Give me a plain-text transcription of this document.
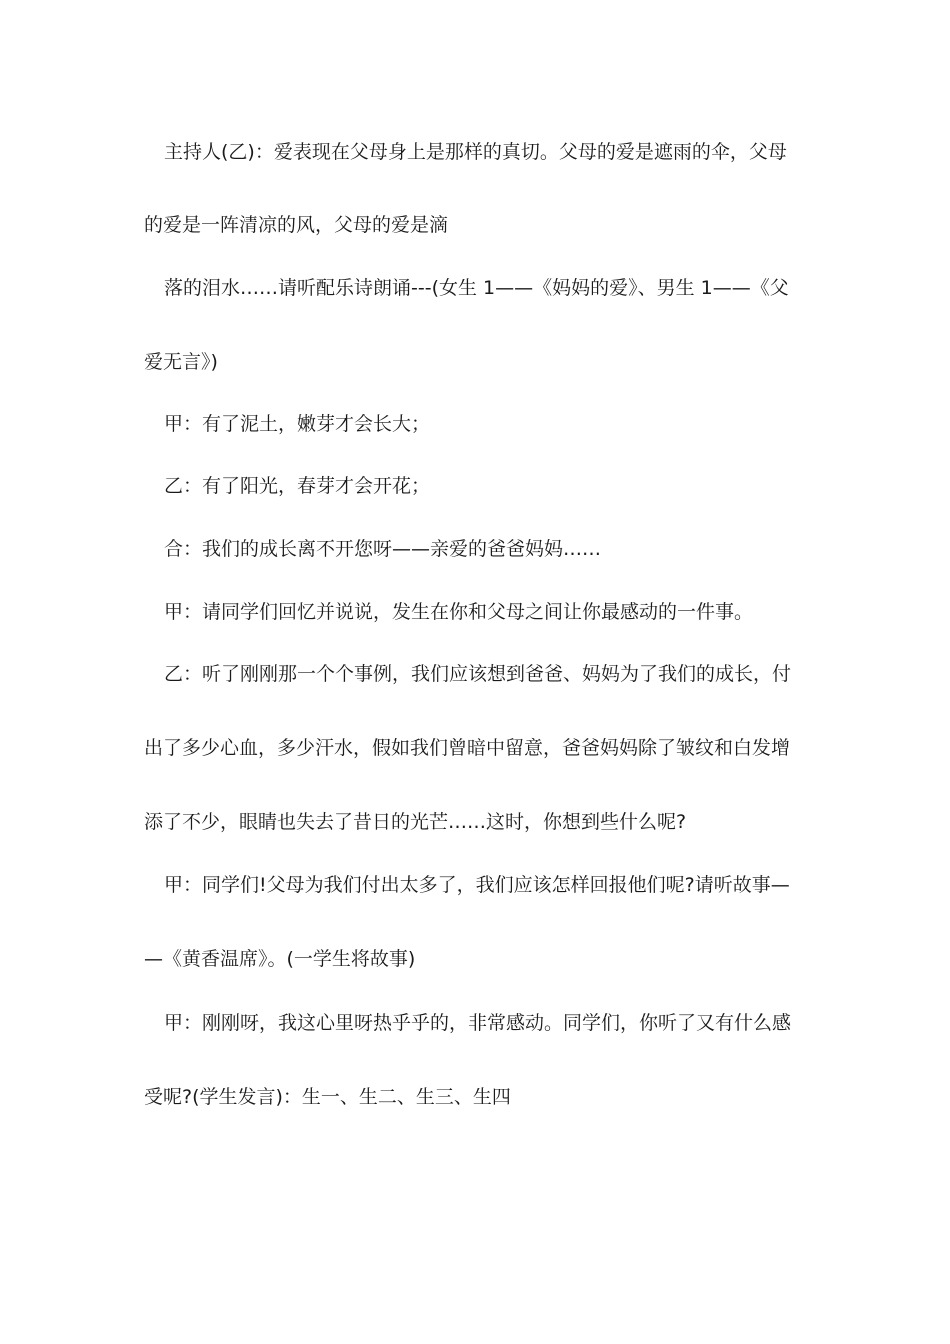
主持人(乙)：爱表现在父母身上是那样的真切。父母的爱是遮雨的伞，父母
的爱是一阵清凉的风，父母的爱是滴
落的泪水……请听配乐诗朗诵---(女生 1——《妈妈的爱》、男生 1——《父
爱无言》)
甲：有了泥土，嫩芽才会长大；
乙：有了阳光，春芽才会开花；
合：我们的成长离不开您呀——亲爱的爸爸妈妈……
甲：请同学们回忆并说说，发生在你和父母之间让你最感动的一件事。
乙：听了刚刚那一个个事例，我们应该想到爸爸、妈妈为了我们的成长，付
出了多少心血，多少汗水，假如我们曾暗中留意，爸爸妈妈除了皱纹和白发增
添了不少，眼睛也失去了昔日的光芒……这时，你想到些什么呢?
甲：同学们!父母为我们付出太多了，我们应该怎样回报他们呢?请听故事—
—《黄香温席》。(一学生将故事)
甲：刚刚呀，我这心里呀热乎乎的，非常感动。同学们，你听了又有什么感
受呢?(学生发言)：生一、生二、生三、生四
